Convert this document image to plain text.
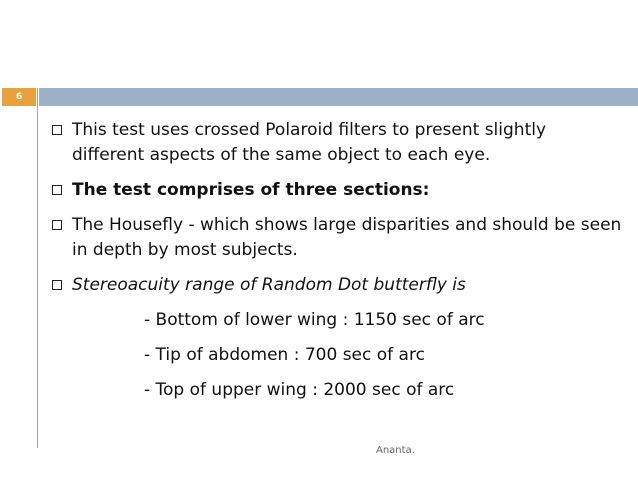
6
This test uses crossed Polaroid filters to present slightly different aspects of the same object to each eye.
The test comprises of three sections:
The Housefly - which shows large disparities and should be seen in depth by most subjects.
Stereoacuity range of Random Dot butterfly is
- Bottom of lower wing : 1150 sec of arc
- Tip of abdomen : 700 sec of arc
- Top of upper wing : 2000 sec of arc
Ananta.
